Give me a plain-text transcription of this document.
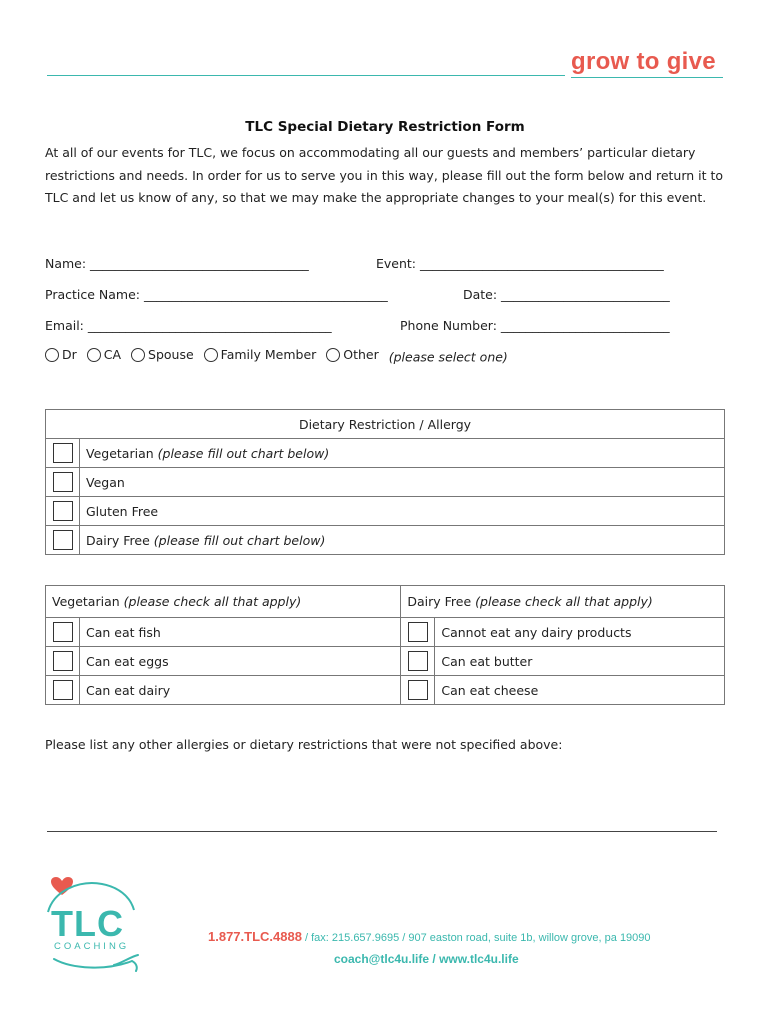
grow to give
TLC Special Dietary Restriction Form

At all of our events for TLC, we focus on accommodating all our guests and members’ particular dietary restrictions and needs. In order for us to serve you in this way, please fill out the form below and return it to TLC and let us know of any, so that we may make the appropriate changes to your meal(s) for this event.

Name: ___________________________________	Event: _______________________________________
Practice Name: _______________________________________	Date: ___________________________
Email: _______________________________________	Phone Number: ___________________________
Dr
CA
Spouse
Family Member
Other (please select one)
Dietary Restriction / Allergy	
	Vegetarian (please fill out chart below)
	Vegan
	Gluten Free
	Dairy Free (please fill out chart below)
Vegetarian (please check all that apply)		Dairy Free (please check all that apply)	
	Can eat fish		Cannot eat any dairy products
	Can eat eggs		Can eat butter
	Can eat dairy		Can eat cheese
Please list any other allergies or dietary restrictions that were not specified above:
TLC
COACHING
1.877.TLC.4888 / fax: 215.657.9695 / 907 easton road, suite 1b, willow grove, pa 19090
coach@tlc4u.life / www.tlc4u.life
